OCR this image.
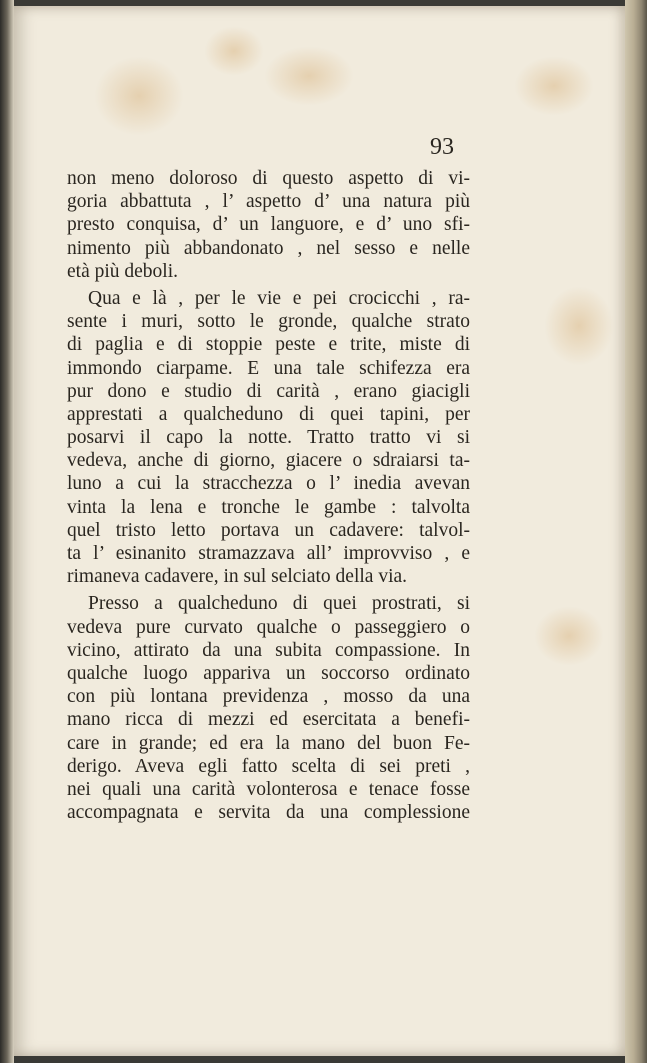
93
non meno doloroso di questo aspetto di vi-
goria abbattuta , l’ aspetto d’ una natura più
presto conquisa, d’ un languore, e d’ uno sfi-
nimento più abbandonato , nel sesso e nelle
età più deboli.
Qua e là , per le vie e pei crocicchi , ra-
sente i muri, sotto le gronde, qualche strato
di paglia e di stoppie peste e trite, miste di
immondo ciarpame. E una tale schifezza era
pur dono e studio di carità , erano giacigli
apprestati a qualcheduno di quei tapini, per
posarvi il capo la notte. Tratto tratto vi si
vedeva, anche di giorno, giacere o sdraiarsi ta-
luno a cui la stracchezza o l’ inedia avevan
vinta la lena e tronche le gambe : talvolta
quel tristo letto portava un cadavere: talvol-
ta l’ esinanito stramazzava all’ improvviso , e
rimaneva cadavere, in sul selciato della via.
Presso a qualcheduno di quei prostrati, si
vedeva pure curvato qualche o passeggiero o
vicino, attirato da una subita compassione. In
qualche luogo appariva un soccorso ordinato
con più lontana previdenza , mosso da una
mano ricca di mezzi ed esercitata a benefi-
care in grande; ed era la mano del buon Fe-
derigo. Aveva egli fatto scelta di sei preti ,
nei quali una carità volonterosa e tenace fosse
accompagnata e servita da una complessione
